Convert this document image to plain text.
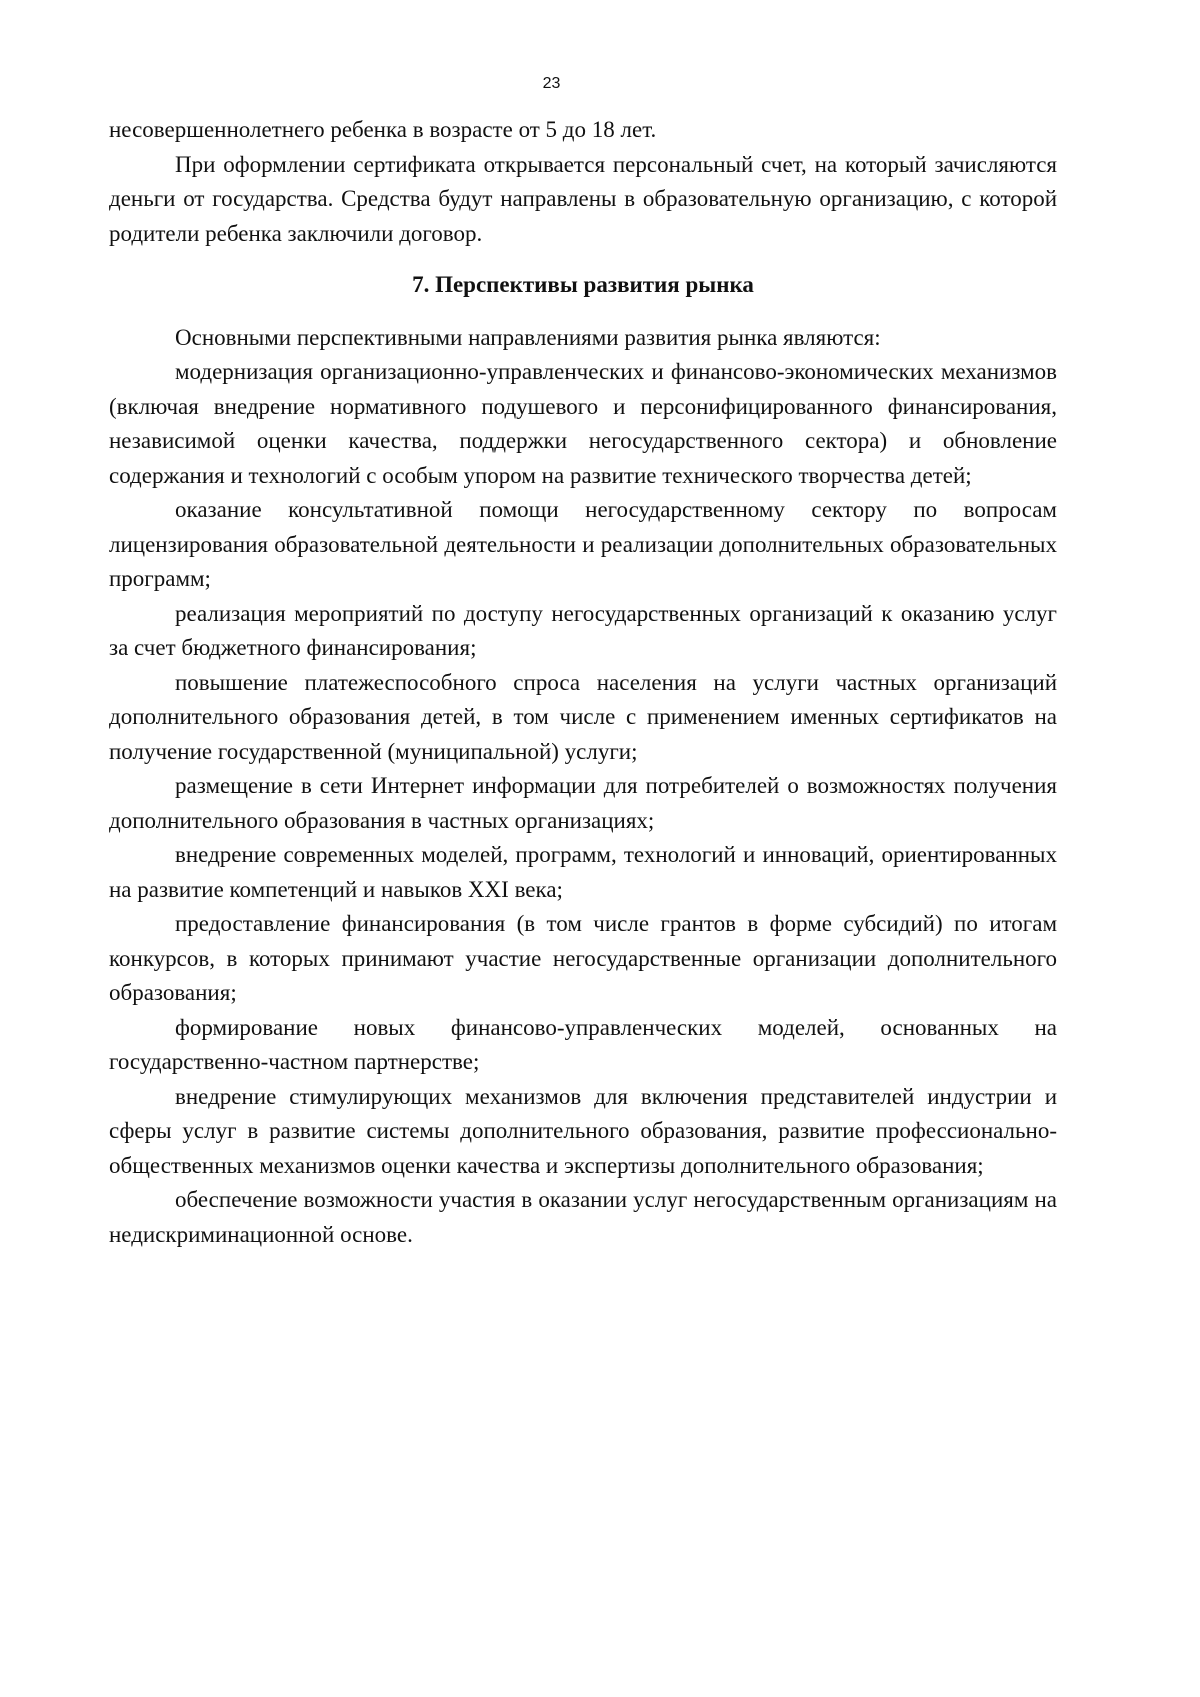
23

несовершеннолетнего ребенка в возрасте от 5 до 18 лет.

При оформлении сертификата открывается персональный счет, на который зачисляются деньги от государства. Средства будут направлены в образовательную организацию, с которой родители ребенка заключили договор.

7. Перспективы развития рынка

Основными перспективными направлениями развития рынка являются:

модернизация организационно-управленческих и финансово-экономических механизмов (включая внедрение нормативного подушевого и персонифицированного финансирования, независимой оценки качества, поддержки негосударственного сектора) и обновление содержания и технологий с особым упором на развитие технического творчества детей;

оказание консультативной помощи негосударственному сектору по вопросам лицензирования образовательной деятельности и реализации дополнительных образовательных программ;

реализация мероприятий по доступу негосударственных организаций к оказанию услуг за счет бюджетного финансирования;

повышение платежеспособного спроса населения на услуги частных организаций дополнительного образования детей, в том числе с применением именных сертификатов на получение государственной (муниципальной) услуги;

размещение в сети Интернет информации для потребителей о возможностях получения дополнительного образования в частных организациях;

внедрение современных моделей, программ, технологий и инноваций, ориентированных на развитие компетенций и навыков XXI века;

предоставление финансирования (в том числе грантов в форме субсидий) по итогам конкурсов, в которых принимают участие негосударственные организации дополнительного образования;

формирование новых финансово-управленческих моделей, основанных на государственно-частном партнерстве;

внедрение стимулирующих механизмов для включения представителей индустрии и сферы услуг в развитие системы дополнительного образования, развитие профессионально-общественных механизмов оценки качества и экспертизы дополнительного образования;

обеспечение возможности участия в оказании услуг негосударственным организациям на недискриминационной основе.
